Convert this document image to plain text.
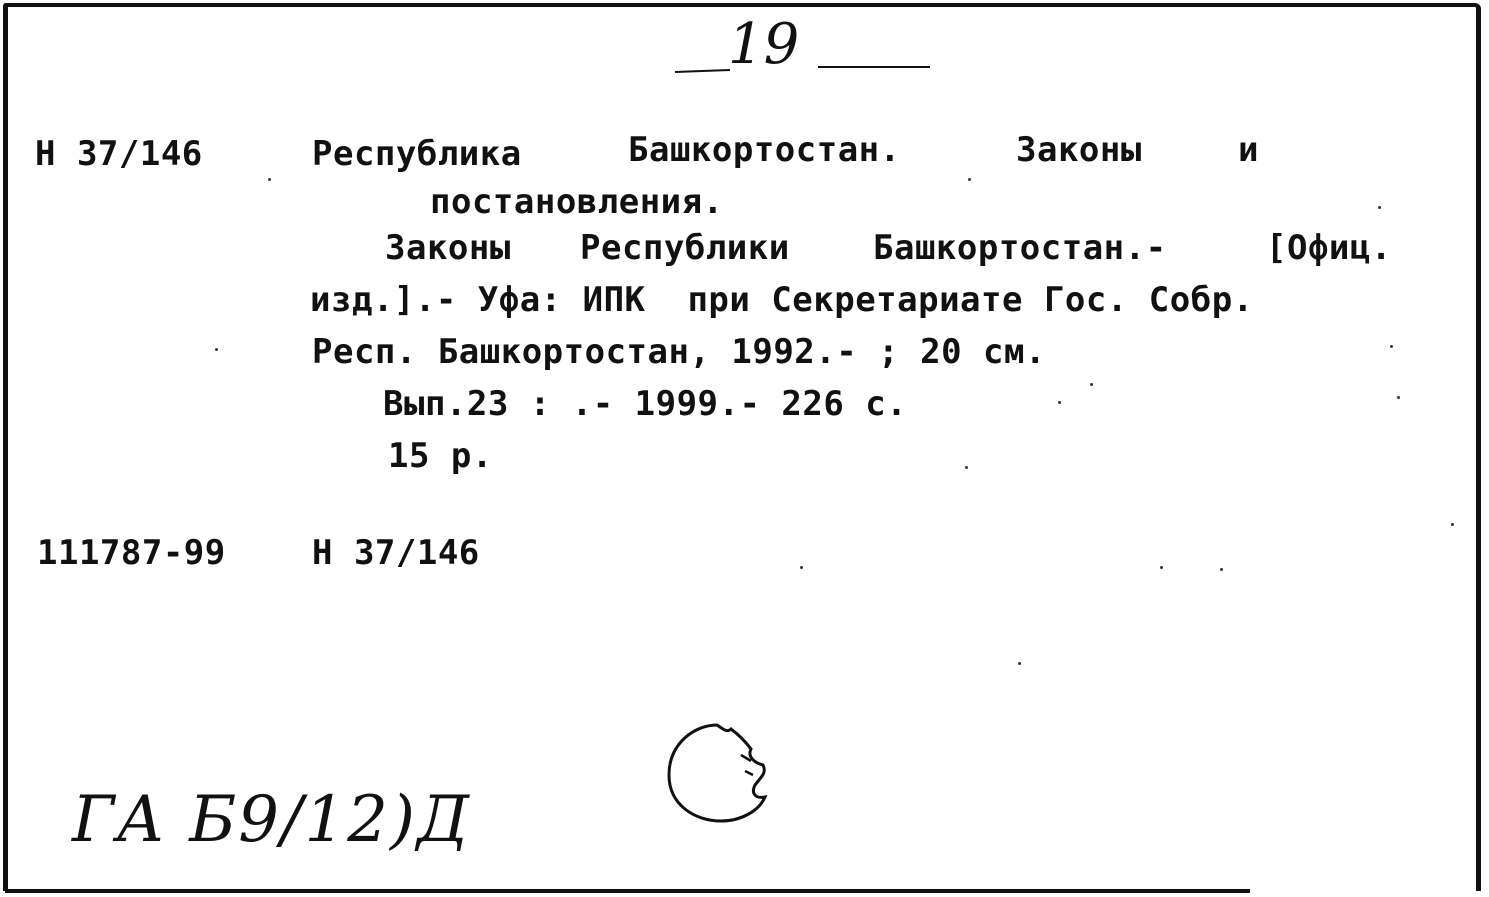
19
Н 37/146	Республика	Башкортостан.	Законы	и
постановления.
Законы Республики Башкортостан.-	[Офиц.
изд.].- Уфа: ИПК  при Секретариате Гос. Собр.
Респ. Башкортостан, 1992.- ; 20 см.
Вып.23 : .- 1999.- 226 с.
15 р.
111787-99	Н 37/146
ГА Б9/12)Д
